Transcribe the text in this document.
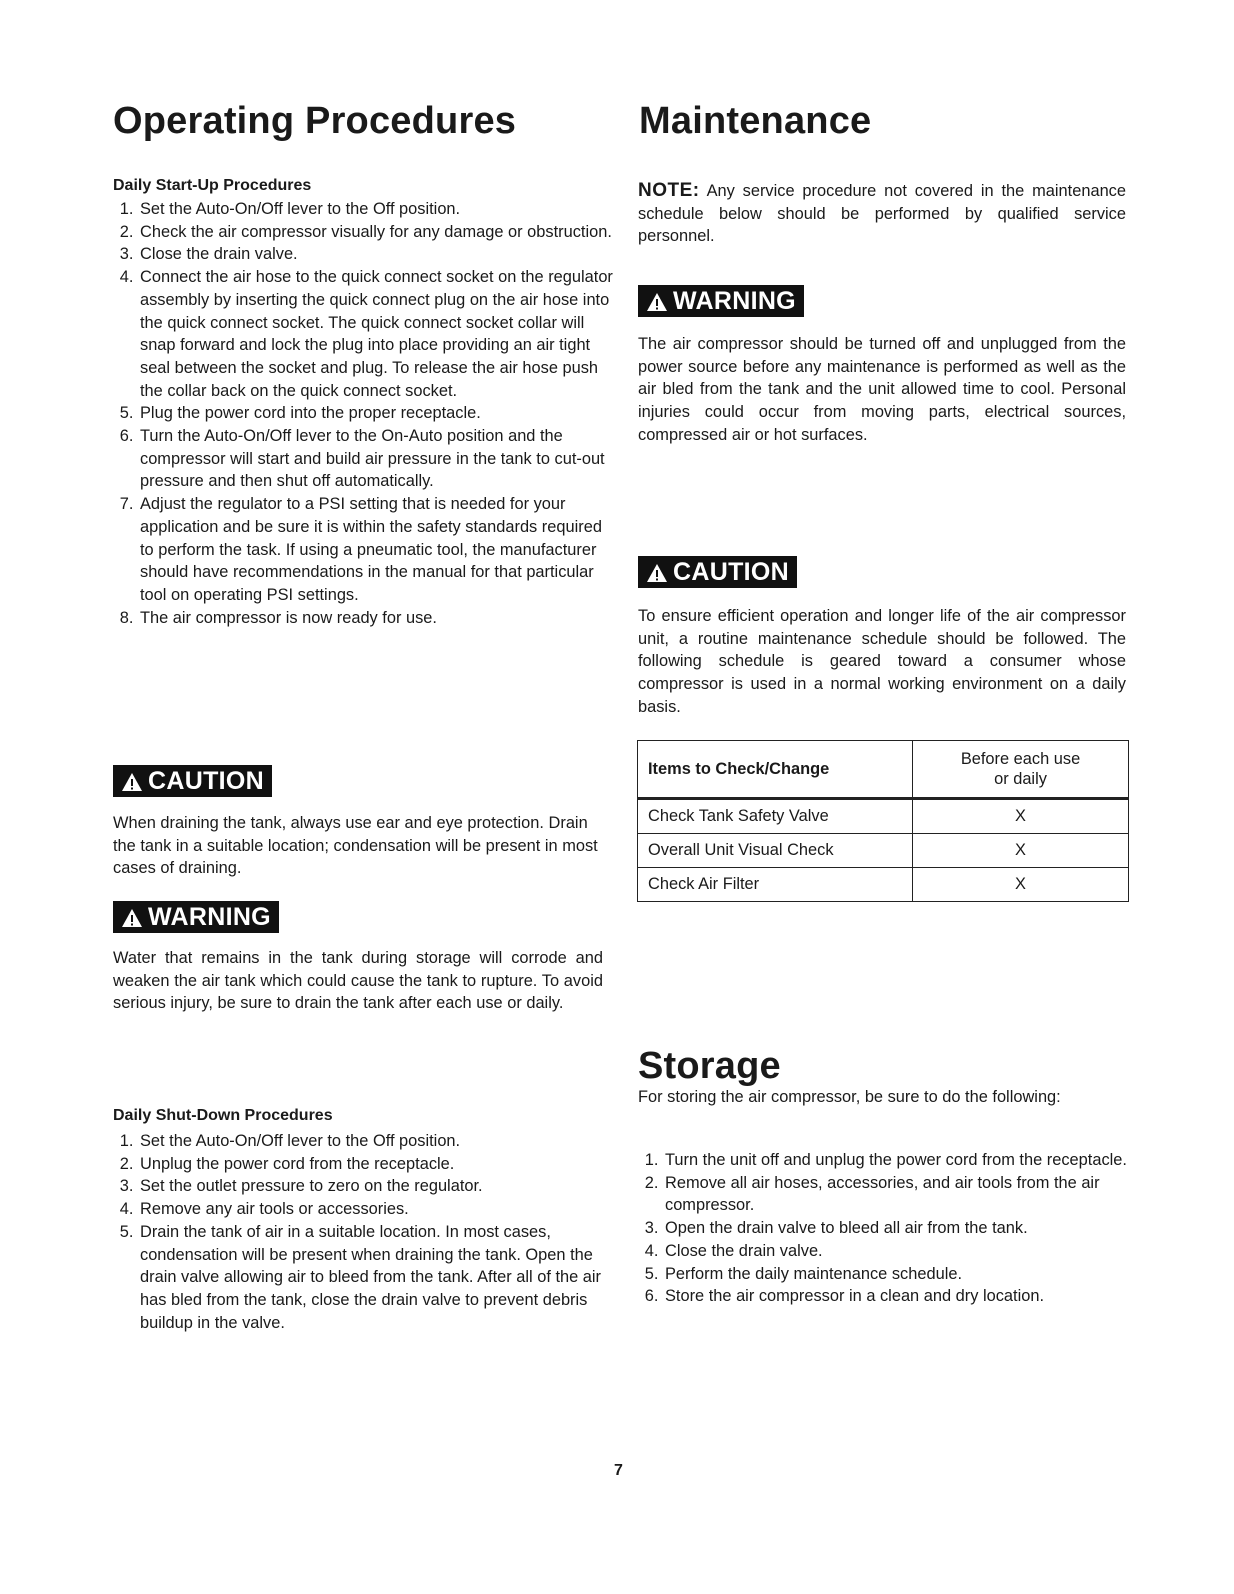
Operating Procedures
Daily Start-Up Procedures
1. Set the Auto-On/Off lever to the Off position.
2. Check the air compressor visually for any damage or obstruction.
3. Close the drain valve.
4. Connect the air hose to the quick connect socket on the regulator assembly by inserting the quick connect plug on the air hose into the quick connect socket. The quick connect socket collar will snap forward and lock the plug into place providing an air tight seal between the socket and plug. To release the air hose push the collar back on the quick connect socket.
5. Plug the power cord into the proper receptacle.
6. Turn the Auto-On/Off lever to the On-Auto position and the compressor will start and build air pressure in the tank to cut-out pressure and then shut off automatically.
7. Adjust the regulator to a PSI setting that is needed for your application and be sure it is within the safety standards required to perform the task. If using a pneumatic tool, the manufacturer should have recommendations in the manual for that particular tool on operating PSI settings.
8. The air compressor is now ready for use.
CAUTION

When draining the tank, always use ear and eye protection. Drain the tank in a suitable location; condensation will be present in most cases of draining.

WARNING

Water that remains in the tank during storage will corrode and weaken the air tank which could cause the tank to rupture. To avoid serious injury, be sure to drain the tank after each use or daily.

Daily Shut-Down Procedures
1. Set the Auto-On/Off lever to the Off position.
2. Unplug the power cord from the receptacle.
3. Set the outlet pressure to zero on the regulator.
4. Remove any air tools or accessories.
5. Drain the tank of air in a suitable location. In most cases, condensation will be present when draining the tank. Open the drain valve allowing air to bleed from the tank. After all of the air has bled from the tank, close the drain valve to prevent debris buildup in the valve.
Maintenance

NOTE: Any service procedure not covered in the maintenance schedule below should be performed by qualified service personnel.

WARNING

The air compressor should be turned off and unplugged from the power source before any maintenance is performed as well as the air bled from the tank and the unit allowed time to cool. Personal injuries could occur from moving parts, electrical sources, compressed air or hot surfaces.

CAUTION

To ensure efficient operation and longer life of the air compressor unit, a routine maintenance schedule should be followed. The following schedule is geared toward a consumer whose compressor is used in a normal working environment on a daily basis.

Items to Check/Change	Before each use
or daily
Check Tank Safety Valve	X
Overall Unit Visual Check	X
Check Air Filter	X
Storage

For storing the air compressor, be sure to do the following:

1. Turn the unit off and unplug the power cord from the receptacle.
2. Remove all air hoses, accessories, and air tools from the air compressor.
3. Open the drain valve to bleed all air from the tank.
4. Close the drain valve.
5. Perform the daily maintenance schedule.
6. Store the air compressor in a clean and dry location.
7
